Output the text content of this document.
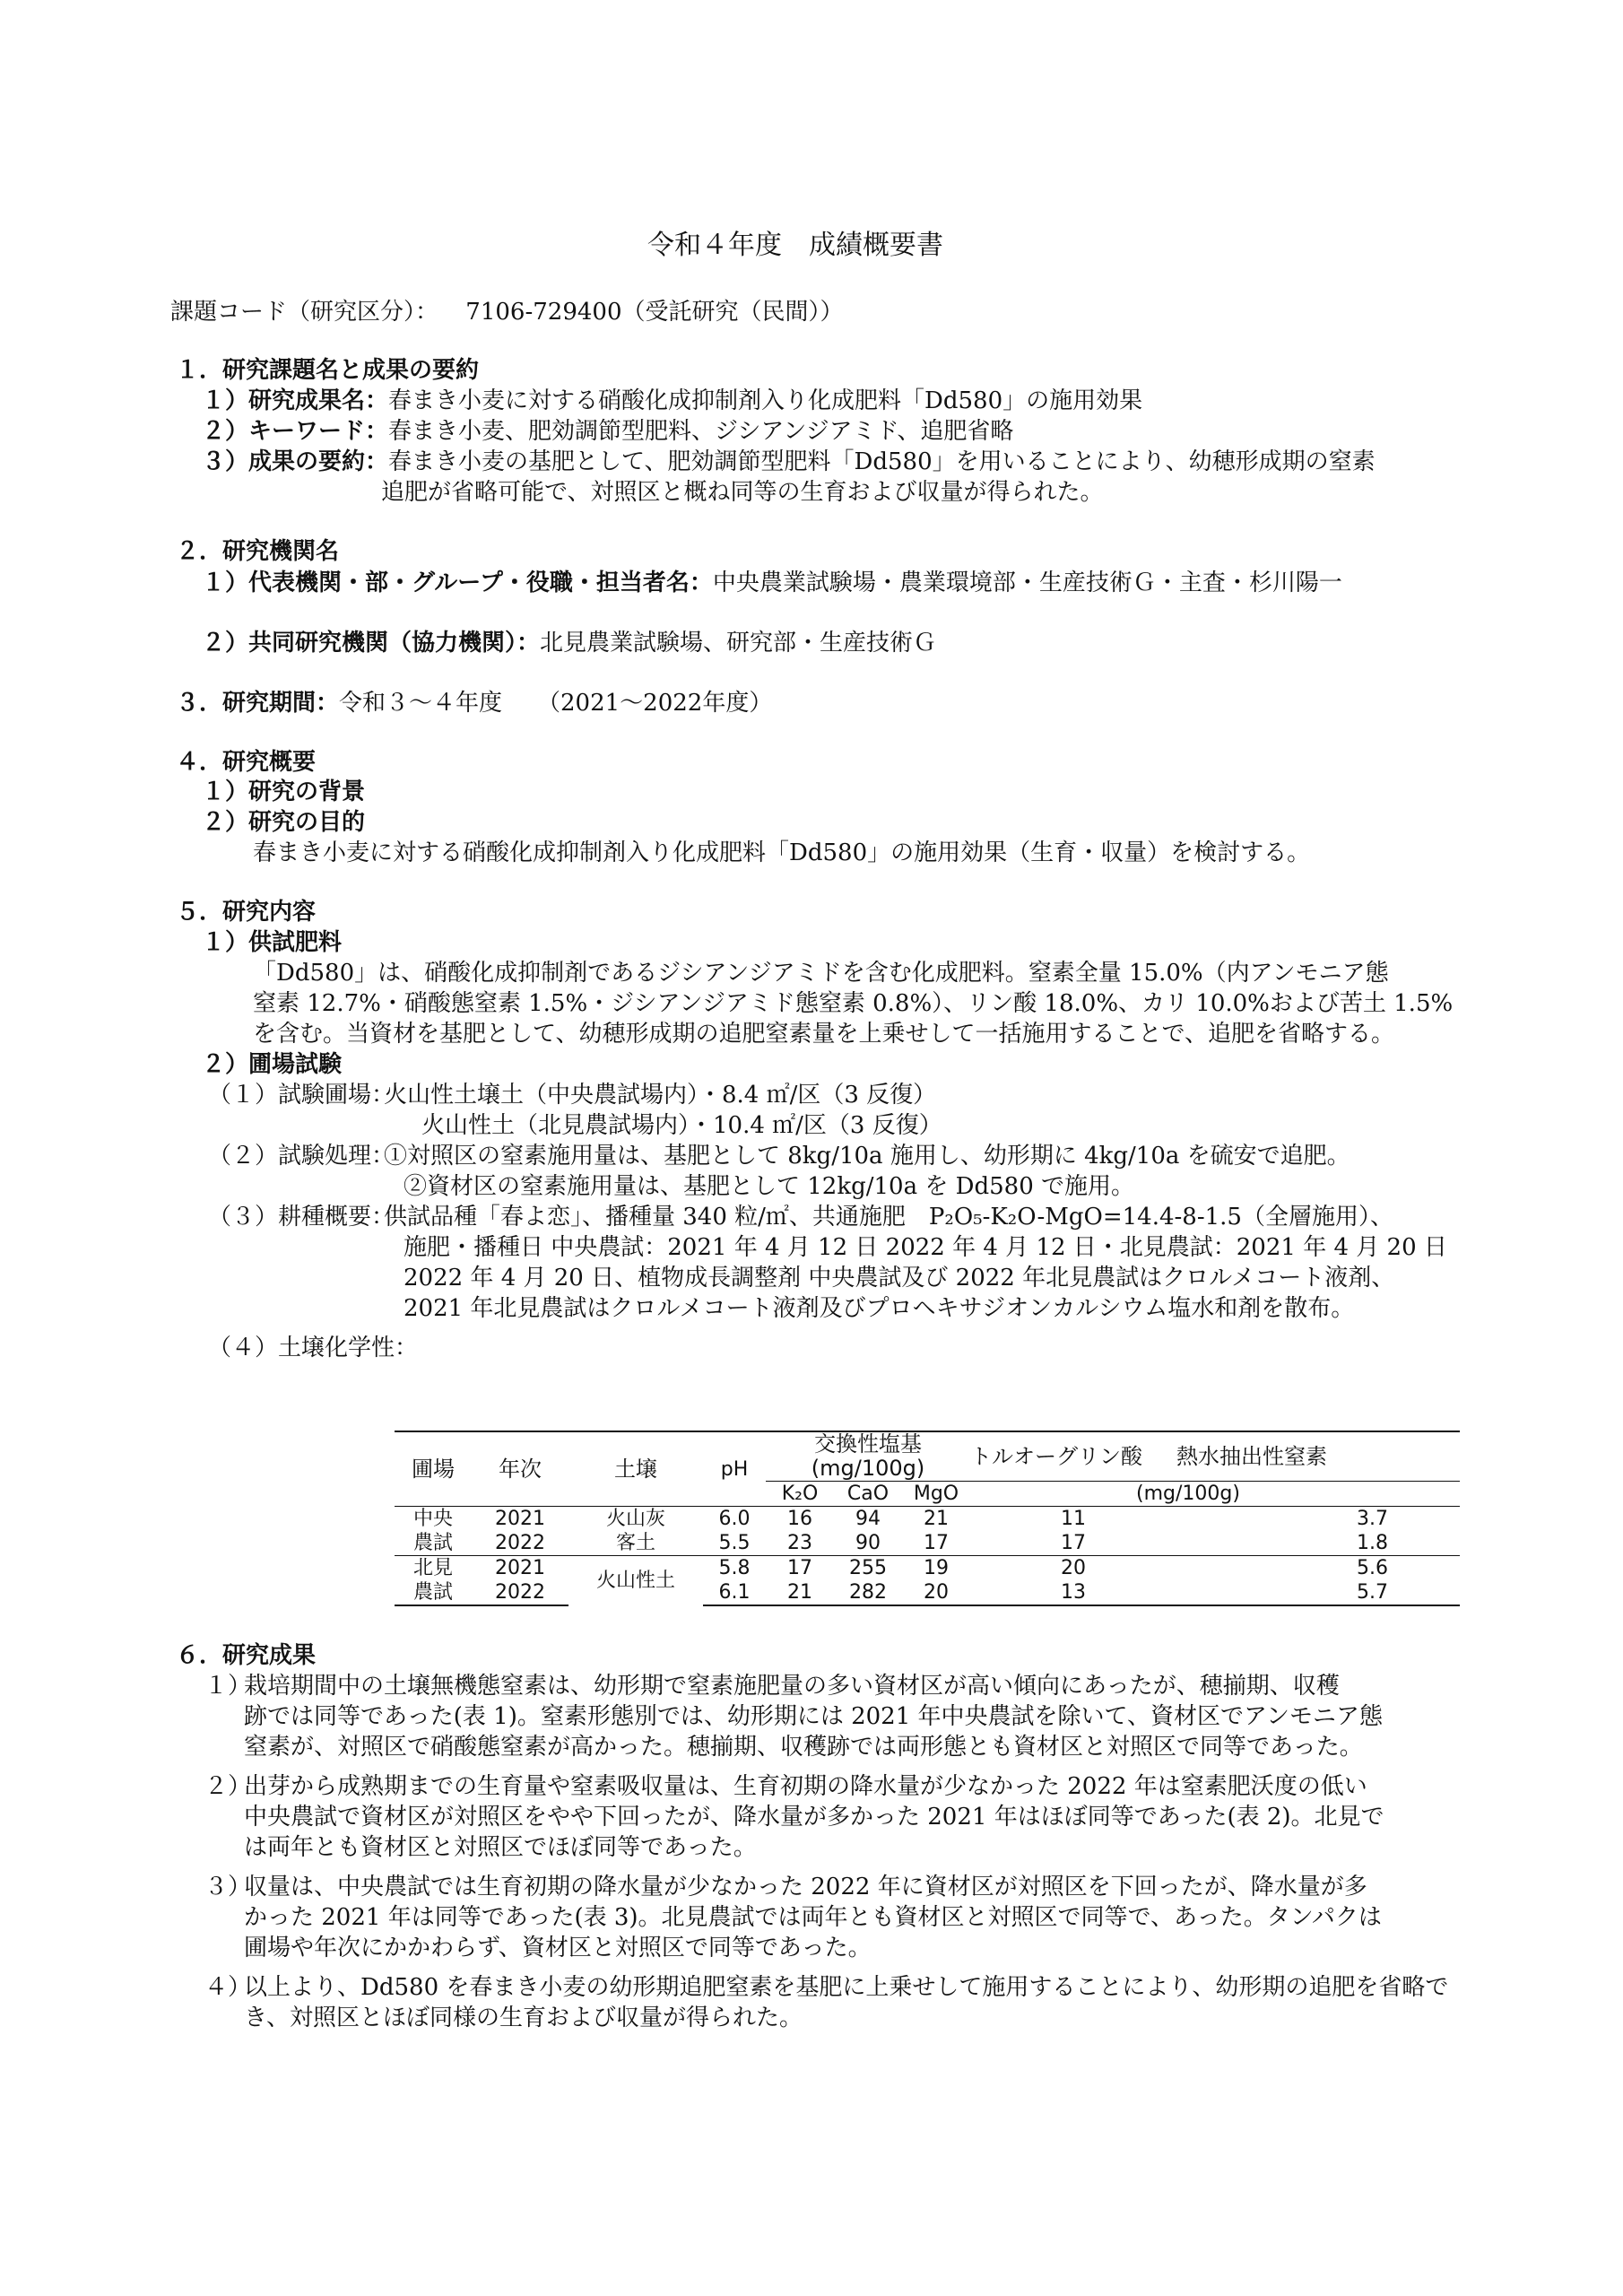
令和４年度　成績概要書
課題コード（研究区分）： 7106-729400（受託研究（民間））
１．研究課題名と成果の要約
１）研究成果名：春まき小麦に対する硝酸化成抑制剤入り化成肥料「Dd580」の施用効果
２）キーワード：春まき小麦、肥効調節型肥料、ジシアンジアミド、追肥省略
３）成果の要約：春まき小麦の基肥として、肥効調節型肥料「Dd580」を用いることにより、幼穂形成期の窒素
追肥が省略可能で、対照区と概ね同等の生育および収量が得られた。
２．研究機関名
１）代表機関・部・グループ・役職・担当者名：中央農業試験場・農業環境部・生産技術Ｇ・主査・杉川陽一
２）共同研究機関（協力機関）：北見農業試験場、研究部・生産技術Ｇ
３．研究期間：令和３～４年度　　（2021～2022年度）
４．研究概要
１）研究の背景
２）研究の目的
春まき小麦に対する硝酸化成抑制剤入り化成肥料「Dd580」の施用効果（生育・収量）を検討する。
５．研究内容
１）供試肥料
「Dd580」は、硝酸化成抑制剤であるジシアンジアミドを含む化成肥料。窒素全量 15.0%（内アンモニア態
窒素 12.7%・硝酸態窒素 1.5%・ジシアンジアミド態窒素 0.8%）、リン酸 18.0%、カリ 10.0%および苦土 1.5%
を含む。当資材を基肥として、幼穂形成期の追肥窒素量を上乗せして一括施用することで、追肥を省略する。
２）圃場試験
（１）試験圃場：
火山性土壌土（中央農試場内）・8.4 ㎡/区（3 反復）
火山性土（北見農試場内）・10.4 ㎡/区（3 反復）
（２）試験処理：
①対照区の窒素施用量は、基肥として 8kg/10a 施用し、幼形期に 4kg/10a を硫安で追肥。
②資材区の窒素施用量は、基肥として 12kg/10a を Dd580 で施用。
（３）耕種概要：
供試品種「春よ恋」、播種量 340 粒/㎡、共通施肥　P₂O₅-K₂O-MgO=14.4-8-1.5（全層施用）、
施肥・播種日 中央農試：2021 年 4 月 12 日 2022 年 4 月 12 日・北見農試：2021 年 4 月 20 日
2022 年 4 月 20 日、植物成長調整剤 中央農試及び 2022 年北見農試はクロルメコート液剤、
2021 年北見農試はクロルメコート液剤及びプロヘキサジオンカルシウム塩水和剤を散布。
（４）土壌化学性：
圃場	年次	土壌	pH	交換性塩基(mg/100g)			トルオーグリン酸	熱水抽出性窒素
				K₂O	CaO	MgO	(mg/100g)	
中央	2021	火山灰	6.0	16	94	21	11	3.7
農試	2022	客土	5.5	23	90	17	17	1.8
北見	2021	火山性土	5.8	17	255	19	20	5.6
農試	2022		6.1	21	282	20	13	5.7
６．研究成果
１）
栽培期間中の土壌無機態窒素は、幼形期で窒素施肥量の多い資材区が高い傾向にあったが、穂揃期、収穫
跡では同等であった(表 1)。窒素形態別では、幼形期には 2021 年中央農試を除いて、資材区でアンモニア態
窒素が、対照区で硝酸態窒素が高かった。穂揃期、収穫跡では両形態とも資材区と対照区で同等であった。
２）
出芽から成熟期までの生育量や窒素吸収量は、生育初期の降水量が少なかった 2022 年は窒素肥沃度の低い
中央農試で資材区が対照区をやや下回ったが、降水量が多かった 2021 年はほぼ同等であった(表 2)。北見で
は両年とも資材区と対照区でほぼ同等であった。
３）
収量は、中央農試では生育初期の降水量が少なかった 2022 年に資材区が対照区を下回ったが、降水量が多
かった 2021 年は同等であった(表 3)。北見農試では両年とも資材区と対照区で同等で、あった。タンパクは
圃場や年次にかかわらず、資材区と対照区で同等であった。
４）
以上より、Dd580 を春まき小麦の幼形期追肥窒素を基肥に上乗せして施用することにより、幼形期の追肥を省略で
き、対照区とほぼ同様の生育および収量が得られた。
